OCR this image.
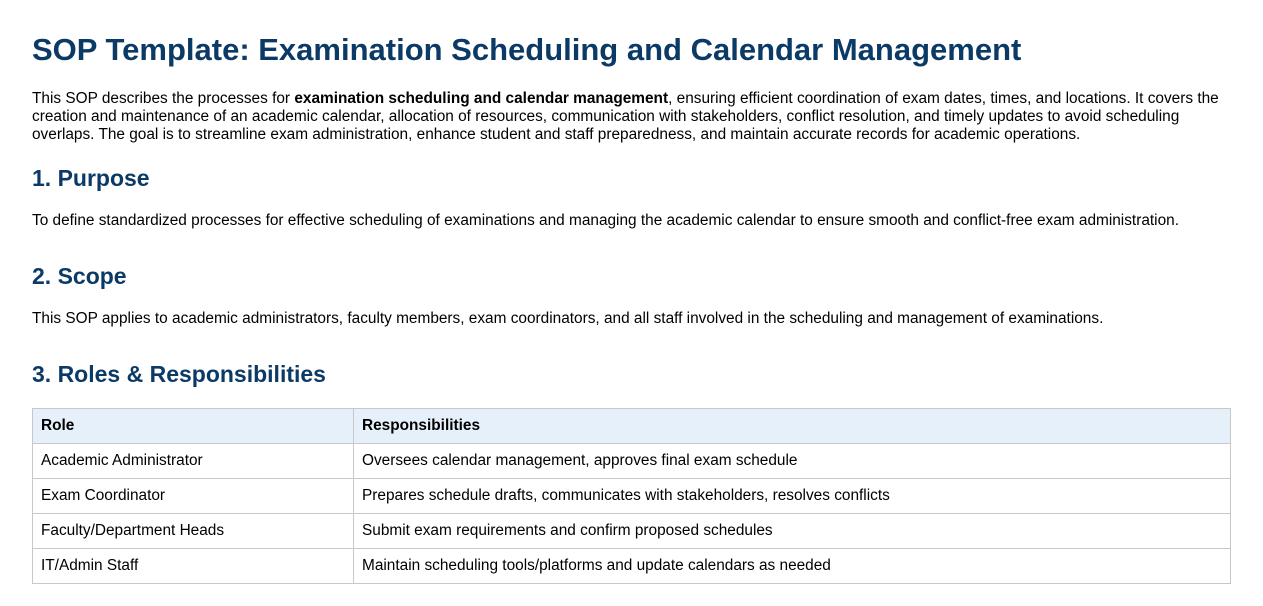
SOP Template: Examination Scheduling and Calendar Management

This SOP describes the processes for examination scheduling and calendar management, ensuring efficient coordination of exam dates, times, and locations. It covers the creation and maintenance of an academic calendar, allocation of resources, communication with stakeholders, conflict resolution, and timely updates to avoid scheduling overlaps. The goal is to streamline exam administration, enhance student and staff preparedness, and maintain accurate records for academic operations.

1. Purpose

To define standardized processes for effective scheduling of examinations and managing the academic calendar to ensure smooth and conflict-free exam administration.

2. Scope

This SOP applies to academic administrators, faculty members, exam coordinators, and all staff involved in the scheduling and management of examinations.

3. Roles & Responsibilities
Role	Responsibilities
Academic Administrator	Oversees calendar management, approves final exam schedule
Exam Coordinator	Prepares schedule drafts, communicates with stakeholders, resolves conflicts
Faculty/Department Heads	Submit exam requirements and confirm proposed schedules
IT/Admin Staff	Maintain scheduling tools/platforms and update calendars as needed
